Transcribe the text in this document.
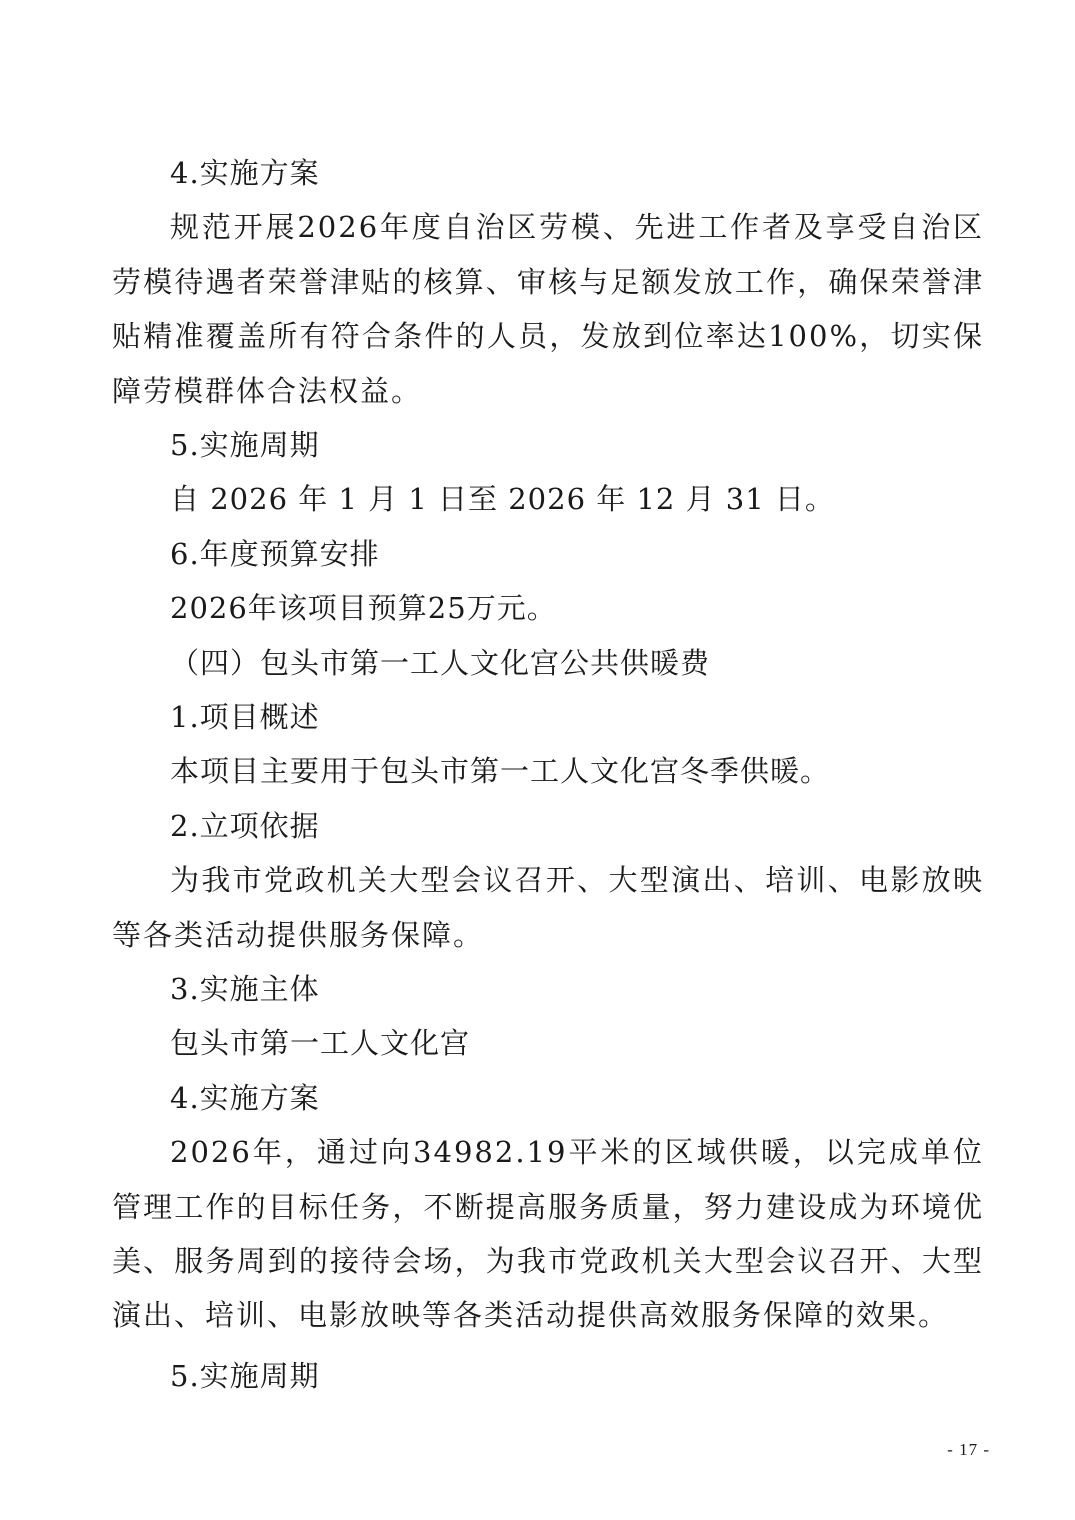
4.实施方案

规范开展2026年度自治区劳模、先进工作者及享受自治区劳模待遇者荣誉津贴的核算、审核与足额发放工作，确保荣誉津贴精准覆盖所有符合条件的人员，发放到位率达100%，切实保障劳模群体合法权益。

5.实施周期
自 2026 年 1 月 1 日至 2026 年 12 月 31 日。
6.年度预算安排
2026年该项目预算25万元。
（四）包头市第一工人文化宫公共供暖费
1.项目概述
本项目主要用于包头市第一工人文化宫冬季供暖。
2.立项依据

为我市党政机关大型会议召开、大型演出、培训、电影放映等各类活动提供服务保障。

3.实施主体
包头市第一工人文化宫
4.实施方案

2026年，通过向34982.19平米的区域供暖，以完成单位管理工作的目标任务，不断提高服务质量，努力建设成为环境优美、服务周到的接待会场，为我市党政机关大型会议召开、大型演出、培训、电影放映等各类活动提供高效服务保障的效果。

5.实施周期
- 17 -
